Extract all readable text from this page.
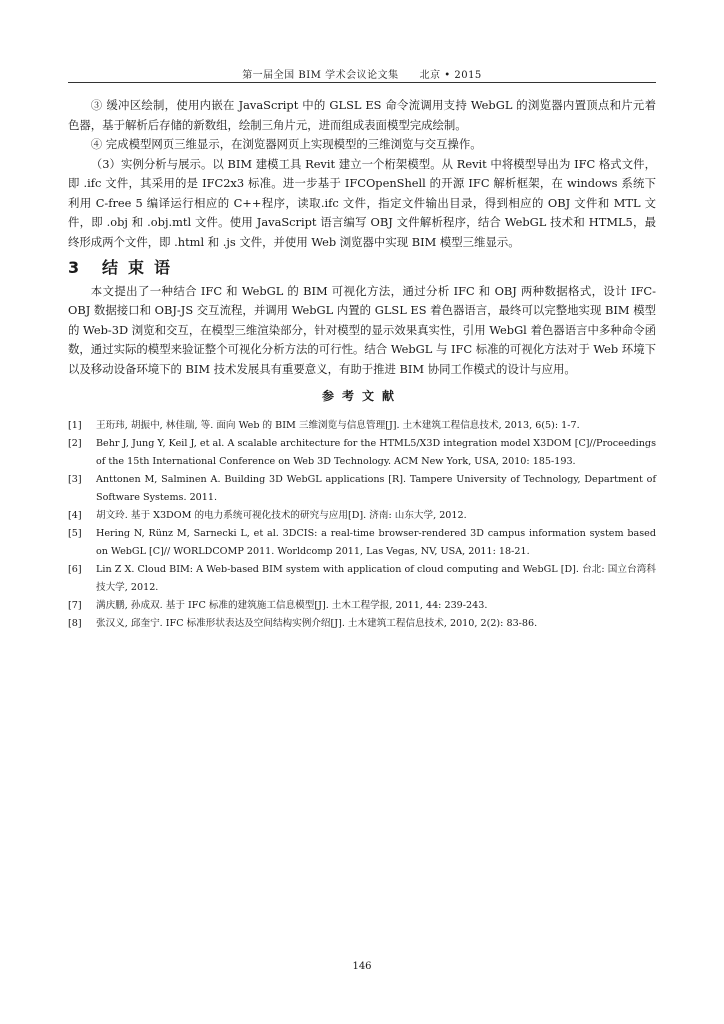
第一届全国 BIM 学术会议论文集　　北京 • 2015

③ 缓冲区绘制，使用内嵌在 JavaScript 中的 GLSL ES 命令流调用支持 WebGL 的浏览器内置顶点和片元着色器，基于解析后存储的新数组，绘制三角片元，进而组成表面模型完成绘制。

④ 完成模型网页三维显示，在浏览器网页上实现模型的三维浏览与交互操作。

（3）实例分析与展示。以 BIM 建模工具 Revit 建立一个桁架模型。从 Revit 中将模型导出为 IFC 格式文件，即 .ifc 文件，其采用的是 IFC2x3 标准。进一步基于 IFCOpenShell 的开源 IFC 解析框架，在 windows 系统下利用 C-free 5 编译运行相应的 C++程序，读取.ifc 文件，指定文件输出目录，得到相应的 OBJ 文件和 MTL 文件，即 .obj 和 .obj.mtl 文件。使用 JavaScript 语言编写 OBJ 文件解析程序，结合 WebGL 技术和 HTML5，最终形成两个文件，即 .html 和 .js 文件，并使用 Web 浏览器中实现 BIM 模型三维显示。

3 结束语

本文提出了一种结合 IFC 和 WebGL 的 BIM 可视化方法，通过分析 IFC 和 OBJ 两种数据格式，设计 IFC-OBJ 数据接口和 OBJ-JS 交互流程，并调用 WebGL 内置的 GLSL ES 着色器语言，最终可以完整地实现 BIM 模型的 Web-3D 浏览和交互，在模型三维渲染部分，针对模型的显示效果真实性，引用 WebGl 着色器语言中多种命令函数，通过实际的模型来验证整个可视化分析方法的可行性。结合 WebGL 与 IFC 标准的可视化方法对于 Web 环境下以及移动设备环境下的 BIM 技术发展具有重要意义，有助于推进 BIM 协同工作模式的设计与应用。

参考文献
[1]	王珩玮, 胡振中, 林佳瑞, 等. 面向 Web 的 BIM 三维浏览与信息管理[J]. 土木建筑工程信息技术, 2013, 6(5): 1-7.
[2]	Behr J, Jung Y, Keil J, et al. A scalable architecture for the HTML5/X3D integration model X3DOM [C]//Proceedings of the 15th International Conference on Web 3D Technology. ACM New York, USA, 2010: 185-193.
[3]	Anttonen M, Salminen A. Building 3D WebGL applications [R]. Tampere University of Technology, Department of Software Systems. 2011.
[4]	胡文玲. 基于 X3DOM 的电力系统可视化技术的研究与应用[D]. 济南: 山东大学, 2012.
[5]	Hering N, Rünz M, Sarnecki L, et al. 3DCIS: a real-time browser-rendered 3D campus information system based on WebGL [C]// WORLDCOMP 2011. Worldcomp 2011, Las Vegas, NV, USA, 2011: 18-21.
[6]	Lin Z X. Cloud BIM: A Web-based BIM system with application of cloud computing and WebGL [D]. 台北: 国立台湾科技大学, 2012.
[7]	满庆鹏, 孙成双. 基于 IFC 标准的建筑施工信息模型[J]. 土木工程学报, 2011, 44: 239-243.
[8]	张汉义, 邱奎宁. IFC 标准形状表达及空间结构实例介绍[J]. 土木建筑工程信息技术, 2010, 2(2): 83-86.
146
